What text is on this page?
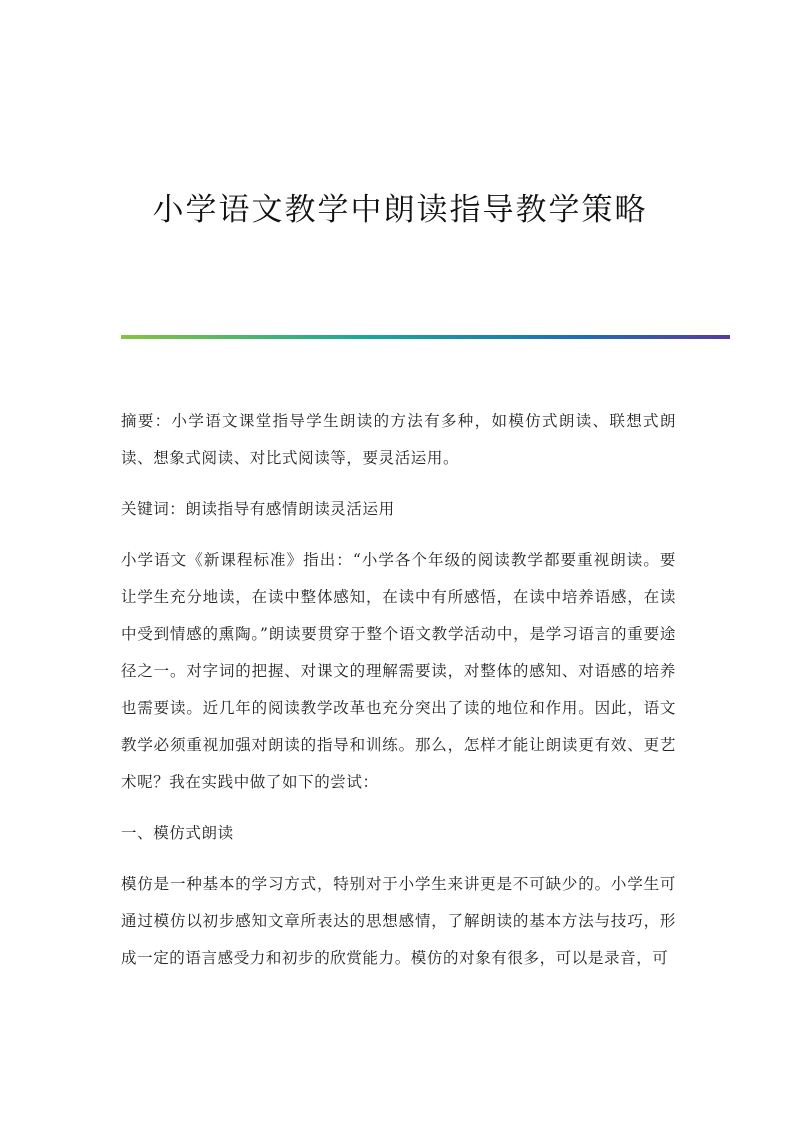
小学语文教学中朗读指导教学策略

摘要：小学语文课堂指导学生朗读的方法有多种，如模仿式朗读、联想式朗读、想象式阅读、对比式阅读等，要灵活运用。

关键词：朗读指导有感情朗读灵活运用

小学语文《新课程标准》指出：“小学各个年级的阅读教学都要重视朗读。要让学生充分地读，在读中整体感知，在读中有所感悟，在读中培养语感，在读中受到情感的熏陶。”朗读要贯穿于整个语文教学活动中，是学习语言的重要途径之一。对字词的把握、对课文的理解需要读，对整体的感知、对语感的培养也需要读。近几年的阅读教学改革也充分突出了读的地位和作用。因此，语文教学必须重视加强对朗读的指导和训练。那么，怎样才能让朗读更有效、更艺术呢？我在实践中做了如下的尝试：

一、模仿式朗读

模仿是一种基本的学习方式，特别对于小学生来讲更是不可缺少的。小学生可通过模仿以初步感知文章所表达的思想感情，了解朗读的基本方法与技巧，形成一定的语言感受力和初步的欣赏能力。模仿的对象有很多，可以是录音，可
